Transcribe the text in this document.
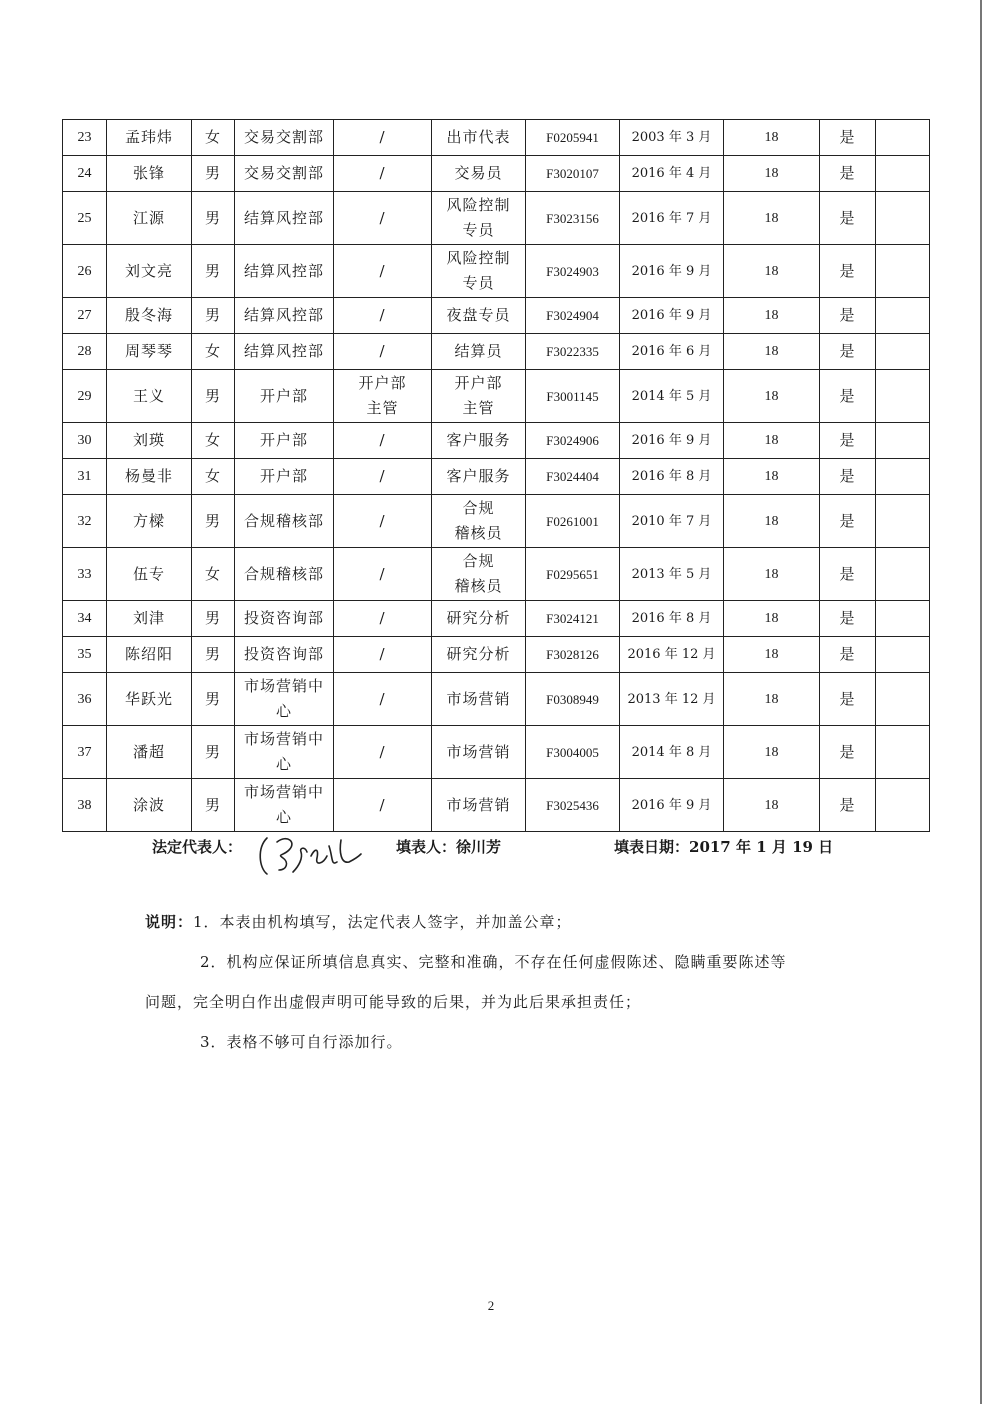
23	孟玮炜	女	交易交割部	/	出市代表	F0205941	2003 年 3 月	18	是	
24	张锋	男	交易交割部	/	交易员	F3020107	2016 年 4 月	18	是	
25	江源	男	结算风控部	/	风险控制
专员	F3023156	2016 年 7 月	18	是	
26	刘文亮	男	结算风控部	/	风险控制
专员	F3024903	2016 年 9 月	18	是	
27	殷冬海	男	结算风控部	/	夜盘专员	F3024904	2016 年 9 月	18	是	
28	周琴琴	女	结算风控部	/	结算员	F3022335	2016 年 6 月	18	是	
29	王义	男	开户部	开户部
主管	开户部
主管	F3001145	2014 年 5 月	18	是	
30	刘瑛	女	开户部	/	客户服务	F3024906	2016 年 9 月	18	是	
31	杨曼非	女	开户部	/	客户服务	F3024404	2016 年 8 月	18	是	
32	方樑	男	合规稽核部	/	合规
稽核员	F0261001	2010 年 7 月	18	是	
33	伍专	女	合规稽核部	/	合规
稽核员	F0295651	2013 年 5 月	18	是	
34	刘津	男	投资咨询部	/	研究分析	F3024121	2016 年 8 月	18	是	
35	陈绍阳	男	投资咨询部	/	研究分析	F3028126	2016 年 12 月	18	是	
36	华跃光	男	市场营销中
心	/	市场营销	F0308949	2013 年 12 月	18	是	
37	潘超	男	市场营销中
心	/	市场营销	F3004005	2014 年 8 月	18	是	
38	涂波	男	市场营销中
心	/	市场营销	F3025436	2016 年 9 月	18	是	
法定代表人：	填表人：徐川芳	填表日期：2017 年 1 月 19 日
说明：1．本表由机构填写，法定代表人签字，并加盖公章；
2．机构应保证所填信息真实、完整和准确，不存在任何虚假陈述、隐瞒重要陈述等
问题，完全明白作出虚假声明可能导致的后果，并为此后果承担责任；
3．表格不够可自行添加行。
2
